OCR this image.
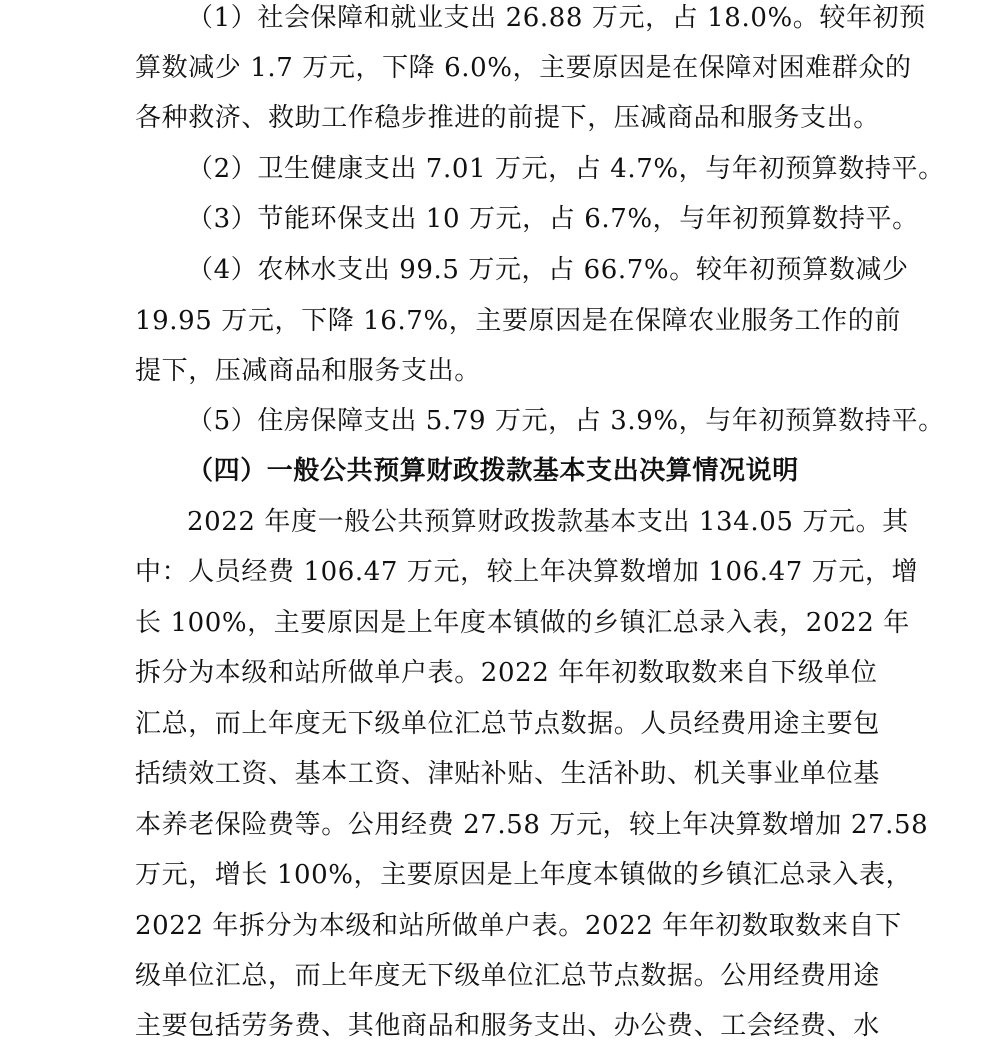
（1）社会保障和就业支出 26.88 万元，占 18.0%。较年初预
算数减少 1.7 万元，下降 6.0%，主要原因是在保障对困难群众的
各种救济、救助工作稳步推进的前提下，压减商品和服务支出。
（2）卫生健康支出 7.01 万元，占 4.7%，与年初预算数持平。
（3）节能环保支出 10 万元，占 6.7%，与年初预算数持平。
（4）农林水支出 99.5 万元，占 66.7%。较年初预算数减少
19.95 万元，下降 16.7%，主要原因是在保障农业服务工作的前
提下，压减商品和服务支出。
（5）住房保障支出 5.79 万元，占 3.9%，与年初预算数持平。
（四）一般公共预算财政拨款基本支出决算情况说明
2022 年度一般公共预算财政拨款基本支出 134.05 万元。其
中：人员经费 106.47 万元，较上年决算数增加 106.47 万元，增
长 100%，主要原因是上年度本镇做的乡镇汇总录入表，2022 年
拆分为本级和站所做单户表。2022 年年初数取数来自下级单位
汇总，而上年度无下级单位汇总节点数据。人员经费用途主要包
括绩效工资、基本工资、津贴补贴、生活补助、机关事业单位基
本养老保险费等。公用经费 27.58 万元，较上年决算数增加 27.58
万元，增长 100%，主要原因是上年度本镇做的乡镇汇总录入表，
2022 年拆分为本级和站所做单户表。2022 年年初数取数来自下
级单位汇总，而上年度无下级单位汇总节点数据。公用经费用途
主要包括劳务费、其他商品和服务支出、办公费、工会经费、水
